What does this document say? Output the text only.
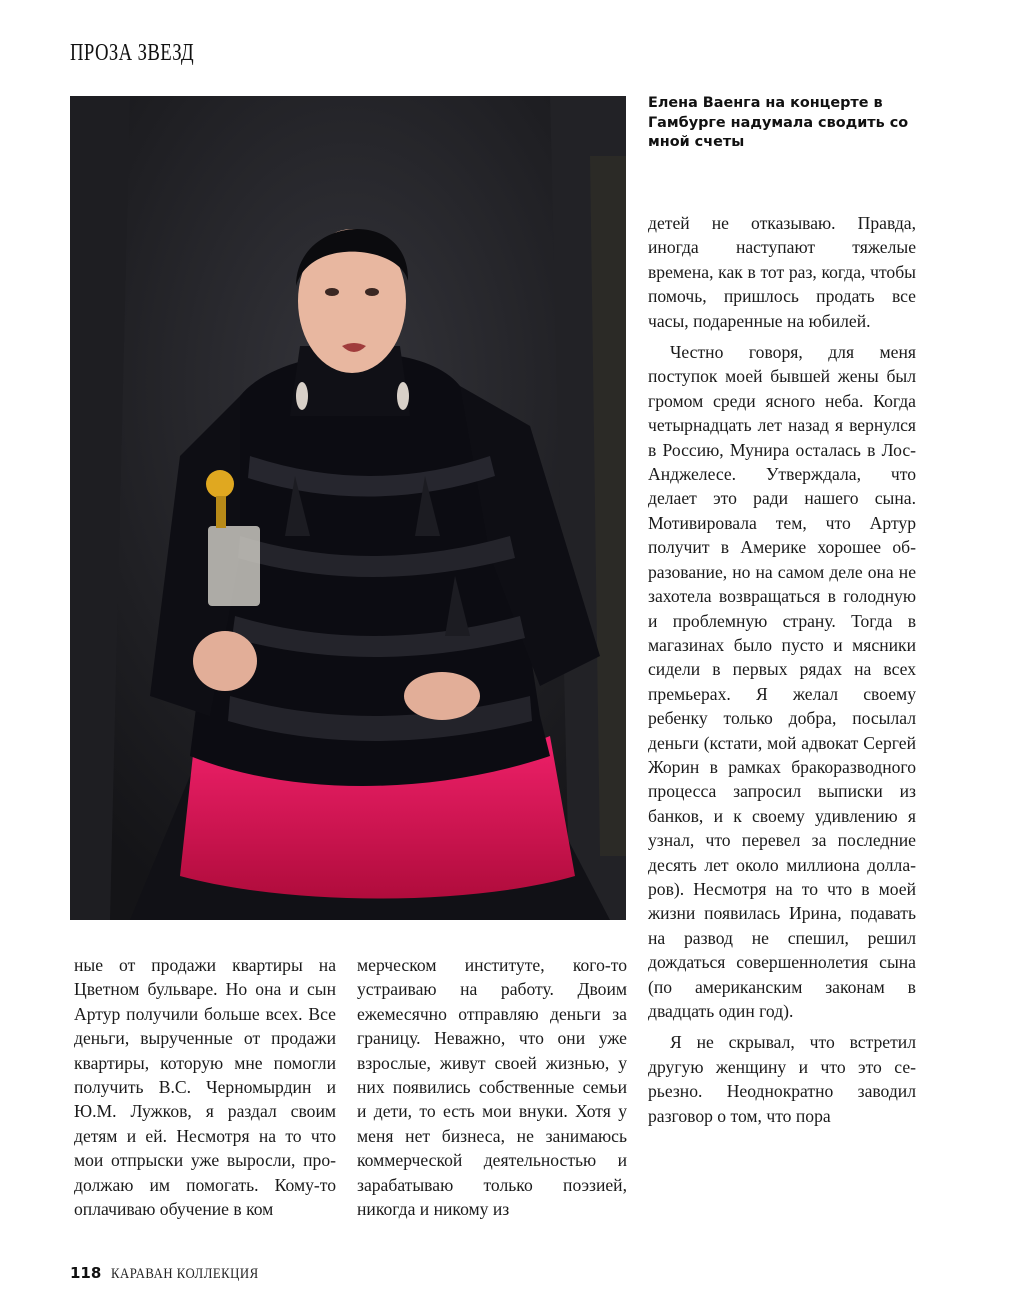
ПРОЗА ЗВЕЗД
Елена Ваенга на концерте в Гамбурге надумала сводить со мной счеты

ные от продажи квартиры на Цветном бульваре. Но она и сын Артур получили больше всех. Все деньги, вырученные от продажи квартиры, которую мне помогли получить В.С. Черномырдин и Ю.М. Лужков, я раздал своим детям и ей. Несмотря на то что мои отпрыски уже выросли, продолжаю им помогать. Кому-то оплачиваю обучение в ком

мерческом институте, кого-то устраиваю на работу. Двоим ежемесячно отправляю деньги за границу. Неважно, что они уже взрослые, живут своей жизнью, у них появились собственные семьи и дети, то есть мои внуки. Хотя у меня нет бизнеса, не занимаюсь коммерческой деятельностью и зарабатываю только поэзией, никогда и никому из

детей не отказываю. Правда, иногда наступают тяжелые времена, как в тот раз, когда, чтобы помочь, пришлось продать все часы, подаренные на юбилей.

Честно говоря, для меня поступок моей бывшей жены был громом среди ясного неба. Когда четырнадцать лет назад я вернулся в Россию, Мунира осталась в Лос-Анджелесе. Утверждала, что делает это ради нашего сына. Мотивировала тем, что Артур получит в Америке хорошее образование, но на самом деле она не захотела возвращаться в голодную и проблемную страну. Тогда в магазинах было пусто и мясники сидели в первых рядах на всех премьерах. Я желал своему ребенку только добра, посылал деньги (кстати, мой адвокат Сергей Жорин в рамках бракоразводного процесса запросил выписки из банков, и к своему удивлению я узнал, что перевел за последние десять лет около миллиона долларов). Несмотря на то что в моей жизни появилась Ирина, подавать на развод не спешил, решил дождаться совершеннолетия сына (по американским законам в двадцать один год).

Я не скрывал, что встретил другую женщину и что это серьезно. Неоднократно заводил разговор о том, что пора

118 КАРАВАН КОЛЛЕКЦИЯ
